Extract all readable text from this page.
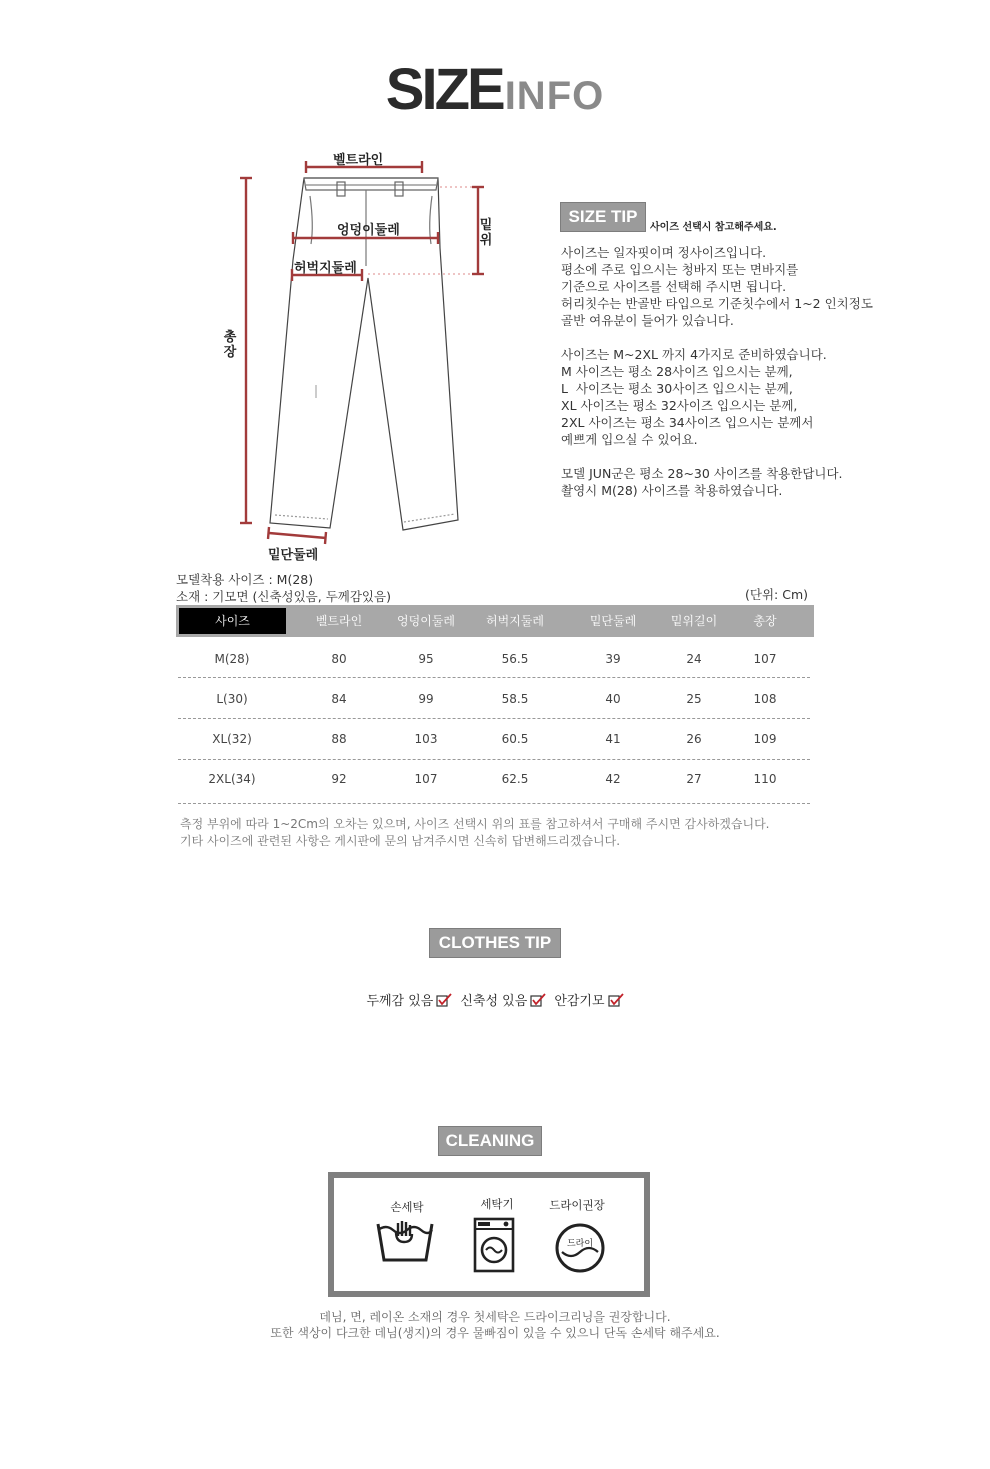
SIZEINFO
벨트라인
엉덩이둘레
허벅지둘레
밑위
총장
밑단둘레
SIZE TIP
사이즈 선택시 참고해주세요.
사이즈는 일자핏이며 정사이즈입니다.
평소에 주로 입으시는 청바지 또는 면바지를
기준으로 사이즈를 선택해 주시면 됩니다.
허리칫수는 반골반 타입으로 기준칫수에서 1~2 인치정도
골반 여유분이 들어가 있습니다.

사이즈는 M~2XL 까지 4가지로 준비하였습니다.
M 사이즈는 평소 28사이즈 입으시는 분께,
L  사이즈는 평소 30사이즈 입으시는 분께,
XL 사이즈는 평소 32사이즈 입으시는 분께,
2XL 사이즈는 평소 34사이즈 입으시는 분께서
예쁘게 입으실 수 있어요.

모델 JUN군은 평소 28~30 사이즈를 착용한답니다.
촬영시 M(28) 사이즈를 착용하였습니다.
모델착용 사이즈 : M(28)
소재 : 기모면 (신축성있음, 두께감있음)	(단위: Cm)
사이즈	벨트라인	엉덩이둘레	허벅지둘레	밑단둘레	밑위길이	총장
M(28)	80	95	56.5	39	24	107
L(30)	84	99	58.5	40	25	108
XL(32)	88	103	60.5	41	26	109
2XL(34)	92	107	62.5	42	27	110
측정 부위에 따라 1~2Cm의 오차는 있으며, 사이즈 선택시 위의 표를 참고하셔서 구매해 주시면 감사하겠습니다.
기타 사이즈에 관련된 사항은 게시판에 문의 남겨주시면 신속히 답변해드리겠습니다.
CLOTHES TIP
두께감 있음 신축성 있음 안감기모
CLEANING
손세탁	세탁기	드라이권장
드라이
데님, 면, 레이온 소재의 경우 첫세탁은 드라이크리닝을 권장합니다.
또한 색상이 다크한 데님(생지)의 경우 물빠짐이 있을 수 있으니 단독 손세탁 해주세요.
